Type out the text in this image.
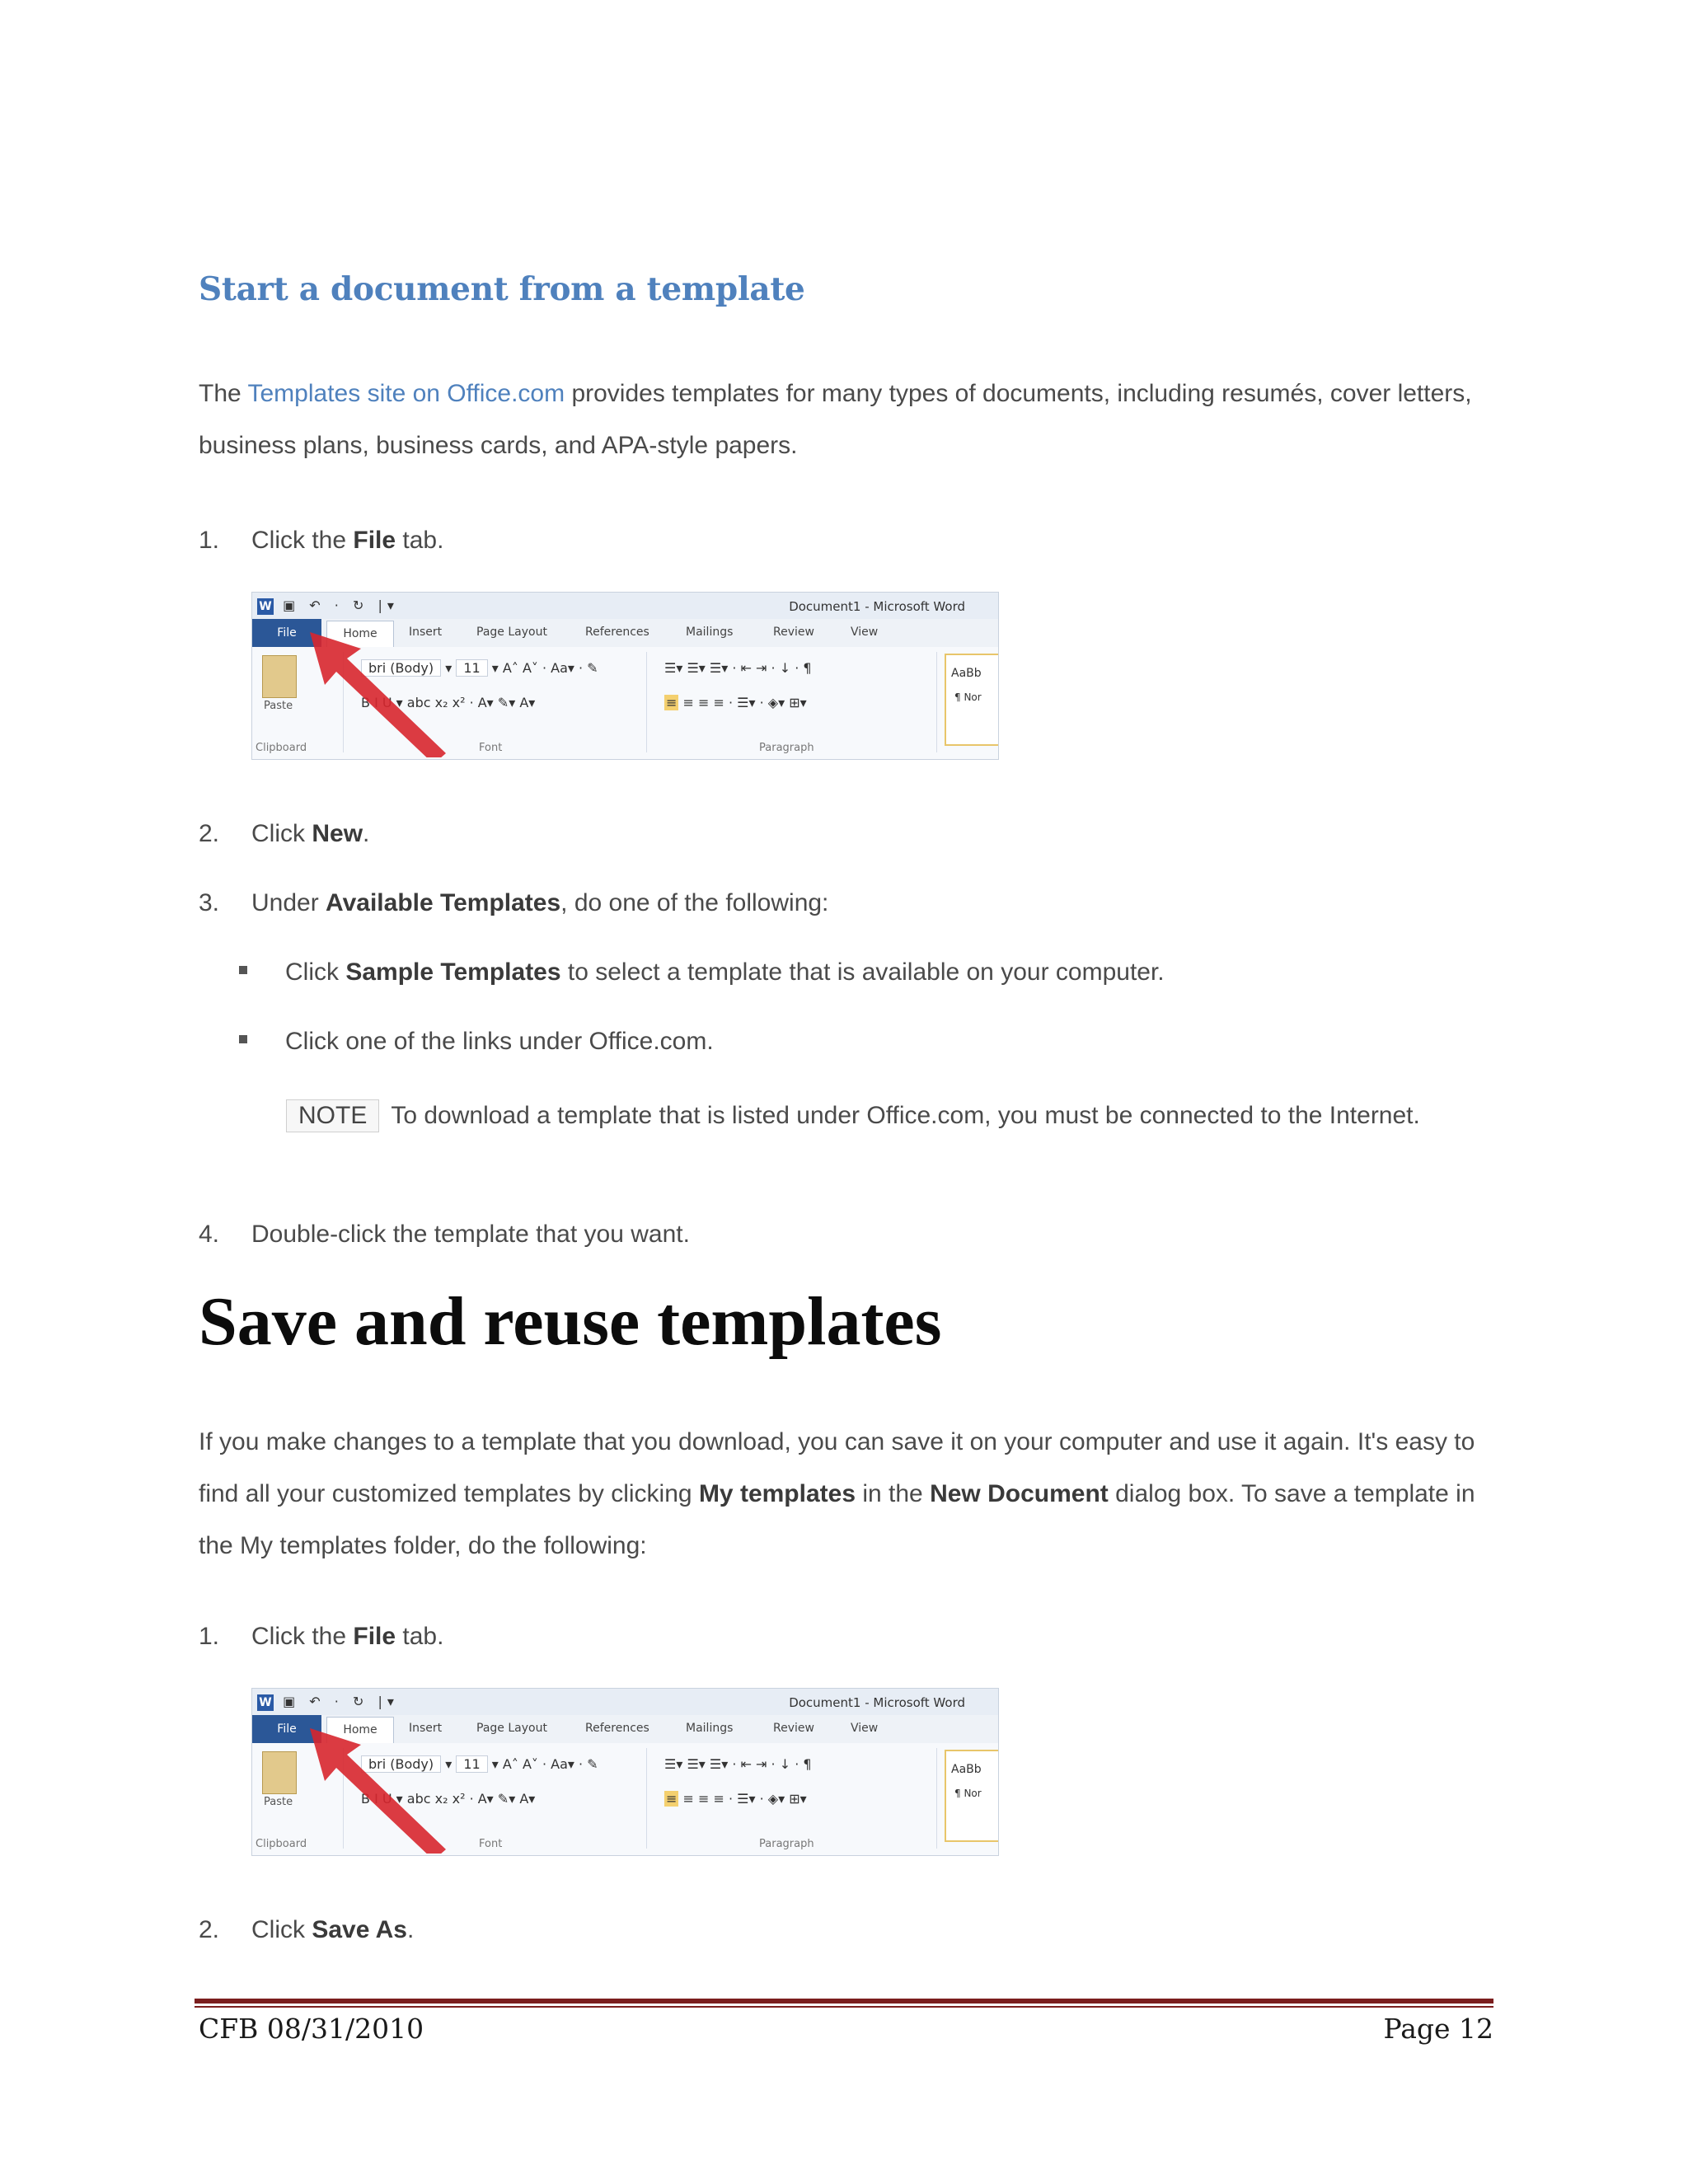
Start a document from a template
The Templates site on Office.com provides templates for many types of documents, including resumés, cover letters, business plans, business cards, and APA-style papers.
1. Click the File tab.
W ▣ ↶ · ↻ |▾	Document1 - Microsoft Word
File	Home	Insert	Page Layout	References	Mailings	Review	View
Paste
bri (Body) ▾ 11 ▾ A˄ A˅ · Aa▾ · ✎
B I U ▾ abc x₂ x² · A▾ ✎▾ A▾
☰▾ ☰▾ ☰▾ · ⇤ ⇥ · ↓ · ¶
≡ ≡ ≡ ≡ · ☰▾ · ◈▾ ⊞▾
AaBb
¶ Nor
Clipboard	Font	Paragraph
2. Click New.
3. Under Available Templates, do one of the following:
Click Sample Templates to select a template that is available on your computer.
Click one of the links under Office.com.
NOTE To download a template that is listed under Office.com, you must be connected to the Internet.
4. Double-click the template that you want.
Save and reuse templates
If you make changes to a template that you download, you can save it on your computer and use it again. It's easy to find all your customized templates by clicking My templates in the New Document dialog box. To save a template in the My templates folder, do the following:
1. Click the File tab.
W ▣ ↶ · ↻ |▾	Document1 - Microsoft Word
File	Home	Insert	Page Layout	References	Mailings	Review	View
Paste
bri (Body) ▾ 11 ▾ A˄ A˅ · Aa▾ · ✎
B I U ▾ abc x₂ x² · A▾ ✎▾ A▾
☰▾ ☰▾ ☰▾ · ⇤ ⇥ · ↓ · ¶
≡ ≡ ≡ ≡ · ☰▾ · ◈▾ ⊞▾
AaBb
¶ Nor
Clipboard	Font	Paragraph
2. Click Save As.
CFB 08/31/2010	Page 12
